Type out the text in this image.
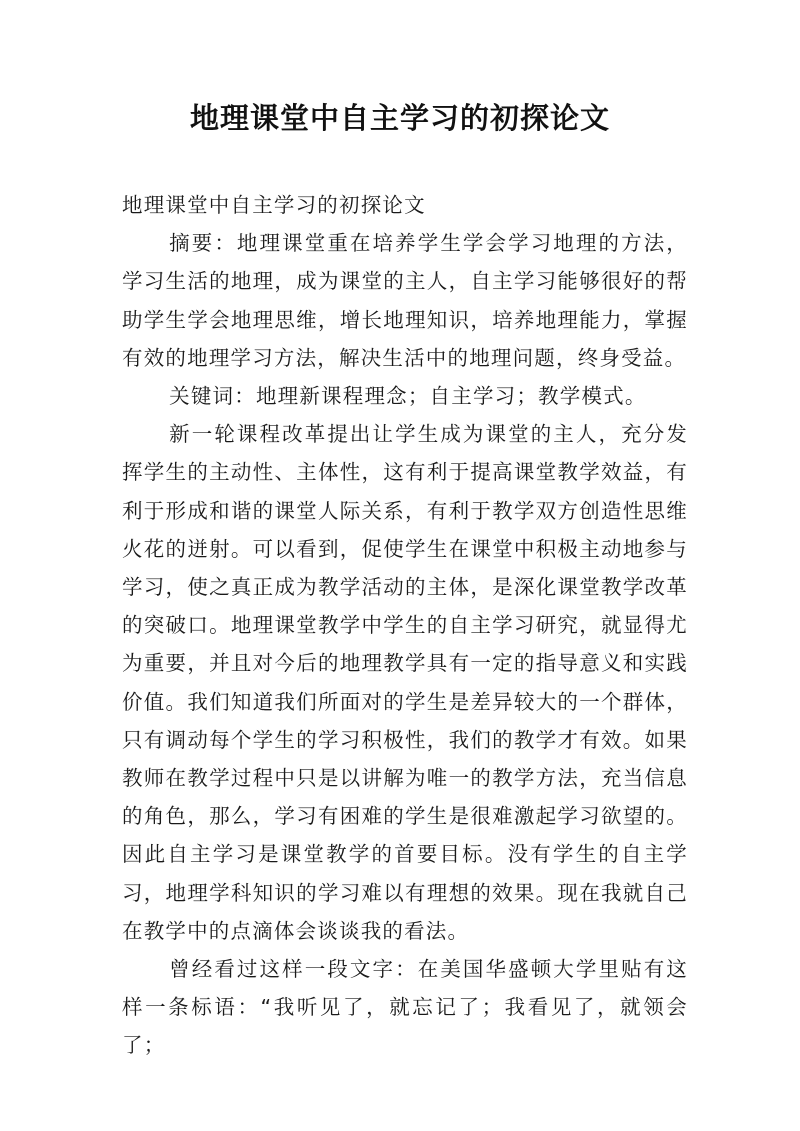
地理课堂中自主学习的初探论文

地理课堂中自主学习的初探论文

摘要：地理课堂重在培养学生学会学习地理的方法，学习生活的地理，成为课堂的主人，自主学习能够很好的帮助学生学会地理思维，增长地理知识，培养地理能力，掌握有效的地理学习方法，解决生活中的地理问题，终身受益。

关键词：地理新课程理念；自主学习；教学模式。

新一轮课程改革提出让学生成为课堂的主人，充分发挥学生的主动性、主体性，这有利于提高课堂教学效益，有利于形成和谐的课堂人际关系，有利于教学双方创造性思维火花的迸射。可以看到，促使学生在课堂中积极主动地参与学习，使之真正成为教学活动的主体，是深化课堂教学改革的突破口。地理课堂教学中学生的自主学习研究，就显得尤为重要，并且对今后的地理教学具有一定的指导意义和实践价值。我们知道我们所面对的学生是差异较大的一个群体，只有调动每个学生的学习积极性，我们的教学才有效。如果教师在教学过程中只是以讲解为唯一的教学方法，充当信息的角色，那么，学习有困难的学生是很难激起学习欲望的。因此自主学习是课堂教学的首要目标。没有学生的自主学习，地理学科知识的学习难以有理想的效果。现在我就自己在教学中的点滴体会谈谈我的看法。

曾经看过这样一段文字：在美国华盛顿大学里贴有这样一条标语：“我听见了，就忘记了；我看见了，就领会了；
